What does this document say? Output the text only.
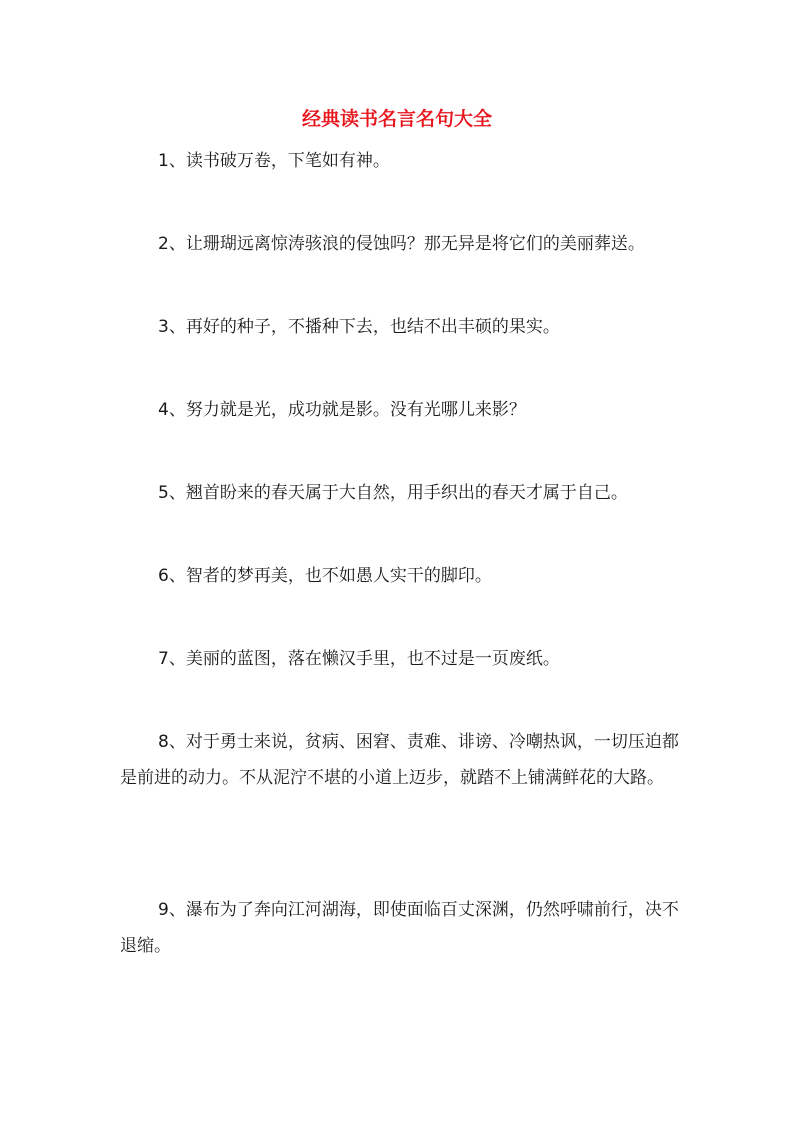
经典读书名言名句大全

1、读书破万卷，下笔如有神。

2、让珊瑚远离惊涛骇浪的侵蚀吗？那无异是将它们的美丽葬送。

3、再好的种子，不播种下去，也结不出丰硕的果实。

4、努力就是光，成功就是影。没有光哪儿来影？

5、翘首盼来的春天属于大自然，用手织出的春天才属于自己。

6、智者的梦再美，也不如愚人实干的脚印。

7、美丽的蓝图，落在懒汉手里，也不过是一页废纸。

8、对于勇士来说，贫病、困窘、责难、诽谤、冷嘲热讽，一切压迫都是前进的动力。不从泥泞不堪的小道上迈步，就踏不上铺满鲜花的大路。

9、瀑布为了奔向江河湖海，即使面临百丈深渊，仍然呼啸前行，决不退缩。
